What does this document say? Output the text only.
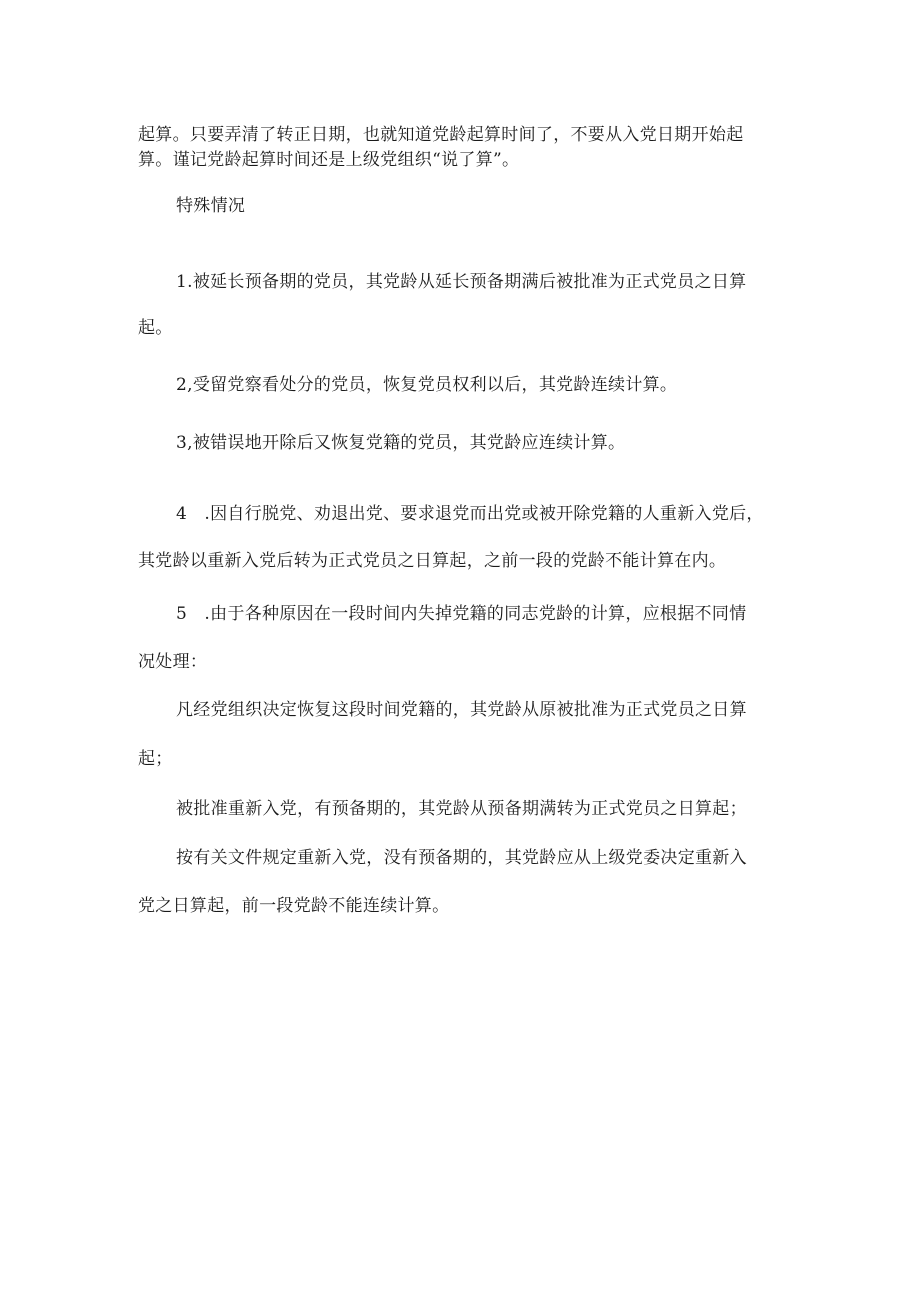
起算。只要弄清了转正日期，也就知道党龄起算时间了，不要从入党日期开始起

算。谨记党龄起算时间还是上级党组织“说了算”。

特殊情况

1.被延长预备期的党员，其党龄从延长预备期满后被批准为正式党员之日算

起。

2,受留党察看处分的党员，恢复党员权利以后，其党龄连续计算。

3,被错误地开除后又恢复党籍的党员，其党龄应连续计算。

4　.因自行脱党、劝退出党、要求退党而出党或被开除党籍的人重新入党后，

其党龄以重新入党后转为正式党员之日算起，之前一段的党龄不能计算在内。

5　.由于各种原因在一段时间内失掉党籍的同志党龄的计算，应根据不同情

况处理：

凡经党组织决定恢复这段时间党籍的，其党龄从原被批准为正式党员之日算

起；

被批准重新入党，有预备期的，其党龄从预备期满转为正式党员之日算起；

按有关文件规定重新入党，没有预备期的，其党龄应从上级党委决定重新入

党之日算起，前一段党龄不能连续计算。
